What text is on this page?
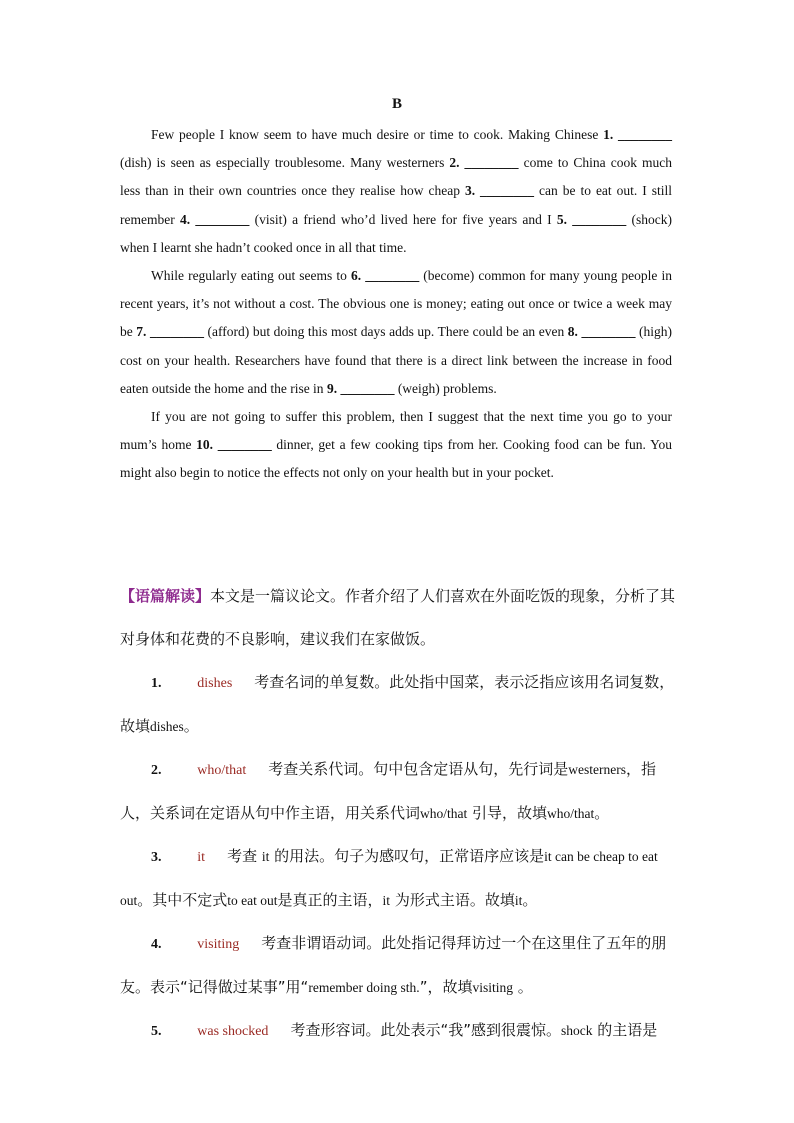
B

Few people I know seem to have much desire or time to cook. Making Chinese 1. ________ (dish) is seen as especially troublesome. Many westerners 2. ________ come to China cook much less than in their own countries once they realise how cheap 3. ________ can be to eat out. I still remember 4. ________ (visit) a friend who’d lived here for five years and I 5. ________ (shock) when I learnt she hadn’t cooked once in all that time.

While regularly eating out seems to 6. ________ (become) common for many young people in recent years, it’s not without a cost. The obvious one is money; eating out once or twice a week may be 7. ________ (afford) but doing this most days adds up. There could be an even 8. ________ (high) cost on your health. Researchers have found that there is a direct link between the increase in food eaten outside the home and the rise in 9. ________ (weigh) problems.

If you are not going to suffer this problem, then I suggest that the next time you go to your mum’s home 10. ________ dinner, get a few cooking tips from her. Cooking food can be fun. You might also begin to notice the effects not only on your health but in your pocket.

【语篇解读】本文是一篇议论文。作者介绍了人们喜欢在外面吃饭的现象，分析了其对身体和花费的不良影响，建议我们在家做饭。

1.	dishes 考查名词的单复数。此处指中国菜，表示泛指应该用名词复数，故填dishes。

2.	who/that 考查关系代词。句中包含定语从句，先行词是westerners，指人，关系词在定语从句中作主语，用关系代词who/that 引导，故填who/that。

3.	it 考查 it 的用法。句子为感叹句，正常语序应该是it can be cheap to eat out。其中不定式to eat out是真正的主语，it 为形式主语。故填it。

4.	visiting 考查非谓语动词。此处指记得拜访过一个在这里住了五年的朋友。表示“记得做过某事”用“remember doing sth.”，故填visiting 。

5.	was shocked 考查形容词。此处表示“我”感到很震惊。shock 的主语是
